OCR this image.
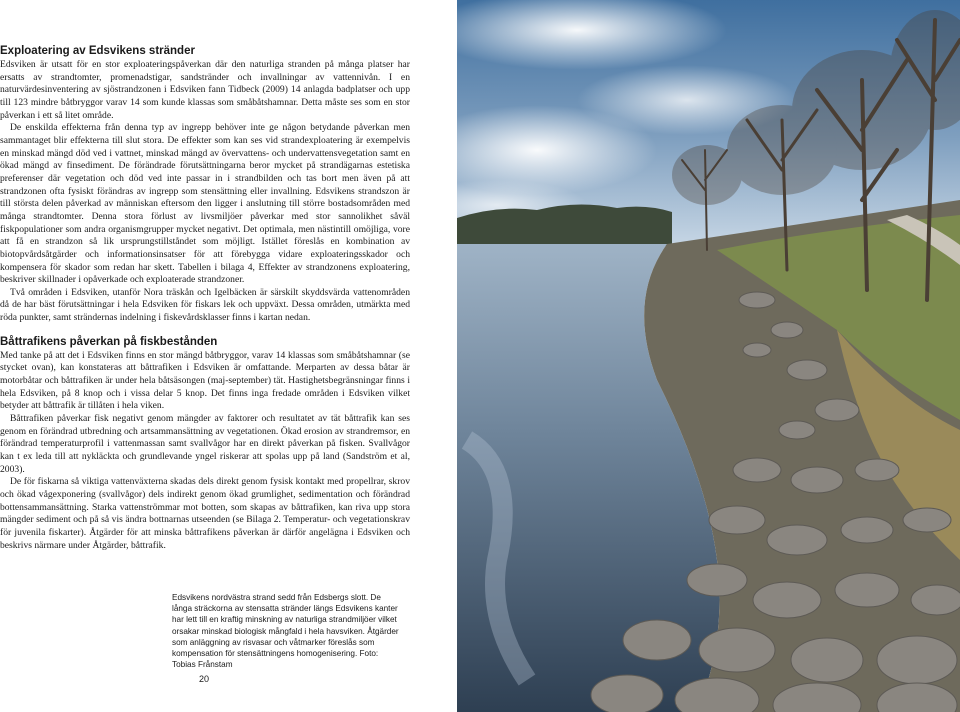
Exploatering av Edsvikens stränder

Edsviken är utsatt för en stor exploateringspåverkan där den naturliga stranden på många platser har ersatts av strandtomter, promenadstigar, sandstränder och invallningar av vattennivån. I en naturvärdesinventering av sjöstrandzonen i Edsviken fann Tidbeck (2009) 14 anlagda badplatser och upp till 123 mindre båtbryggor varav 14 som kunde klassas som småbåtshamnar. Detta måste ses som en stor påverkan i ett så litet område.

De enskilda effekterna från denna typ av ingrepp behöver inte ge någon betydande påverkan men sammantaget blir effekterna till slut stora. De effekter som kan ses vid strandexploatering är exempelvis en minskad mängd död ved i vattnet, minskad mängd av övervattens- och undervattensvegetation samt en ökad mängd av finsediment. De förändrade förutsättningarna beror mycket på strandägarnas estetiska preferenser där vegetation och död ved inte passar in i strandbilden och tas bort men även på att strandzonen ofta fysiskt förändras av ingrepp som stensättning eller invallning. Edsvikens strandszon är till största delen påverkad av människan eftersom den ligger i anslutning till större bostadsområden med många strandtomter. Denna stora förlust av livsmiljöer påverkar med stor sannolikhet såväl fiskpopulationer som andra organismgrupper mycket negativt. Det optimala, men nästintill omöjliga, vore att få en strandzon så lik ursprungstillståndet som möjligt. Istället föreslås en kombination av biotopvårdsåtgärder och informationsinsatser för att förebygga vidare exploateringsskador och kompensera för skador som redan har skett. Tabellen i bilaga 4, Effekter av strandzonens exploatering, beskriver skillnader i opåverkade och exploaterade strandzoner.

Två områden i Edsviken, utanför Nora träskån och Igelbäcken är särskilt skyddsvärda vattenområden då de har bäst förutsättningar i hela Edsviken för fiskars lek och uppväxt. Dessa områden, utmärkta med röda punkter, samt strändernas indelning i fiskevårdsklasser finns i kartan nedan.

Båttrafikens påverkan på fiskbestånden

Med tanke på att det i Edsviken finns en stor mängd båtbryggor, varav 14 klassas som småbåtshamnar (se stycket ovan), kan konstateras att båttrafiken i Edsviken är omfattande. Merparten av dessa båtar är motorbåtar och båttrafiken är under hela båtsäsongen (maj-september) tät. Hastighetsbegränsningar finns i hela Edsviken, på 8 knop och i vissa delar 5 knop. Det finns inga fredade områden i Edsviken vilket betyder att båttrafik är tillåten i hela viken.

Båttrafiken påverkar fisk negativt genom mängder av faktorer och resultatet av tät båttrafik kan ses genom en förändrad utbredning och artsammansättning av vegetationen. Ökad erosion av strandremsor, en förändrad temperaturprofil i vattenmassan samt svallvågor har en direkt påverkan på fisken. Svallvågor kan t ex leda till att nykläckta och grundlevande yngel riskerar att spolas upp på land (Sandström et al, 2003).

De för fiskarna så viktiga vattenväxterna skadas dels direkt genom fysisk kontakt med propellrar, skrov och ökad vågexponering (svallvågor) dels indirekt genom ökad grumlighet, sedimentation och förändrad bottensammansättning. Starka vattenströmmar mot botten, som skapas av båttrafiken, kan riva upp stora mängder sediment och på så vis ändra bottnarnas utseenden (se Bilaga 2. Temperatur- och vegetationskrav för juvenila fiskarter). Åtgärder för att minska båttrafikens påverkan är därför angelägna i Edsviken och beskrivs närmare under Åtgärder, båttrafik.

Edsvikens nordvästra strand sedd från Edsbergs slott. De långa sträckorna av stensatta stränder längs Edsvikens kanter har lett till en kraftig minskning av naturliga strandmiljöer vilket orsakar minskad biologisk mångfald i hela havsviken. Åtgärder som anläggning av risvasar och våtmarker föreslås som kompensation för stensättningens homogenisering. Foto: Tobias Frånstam

20
